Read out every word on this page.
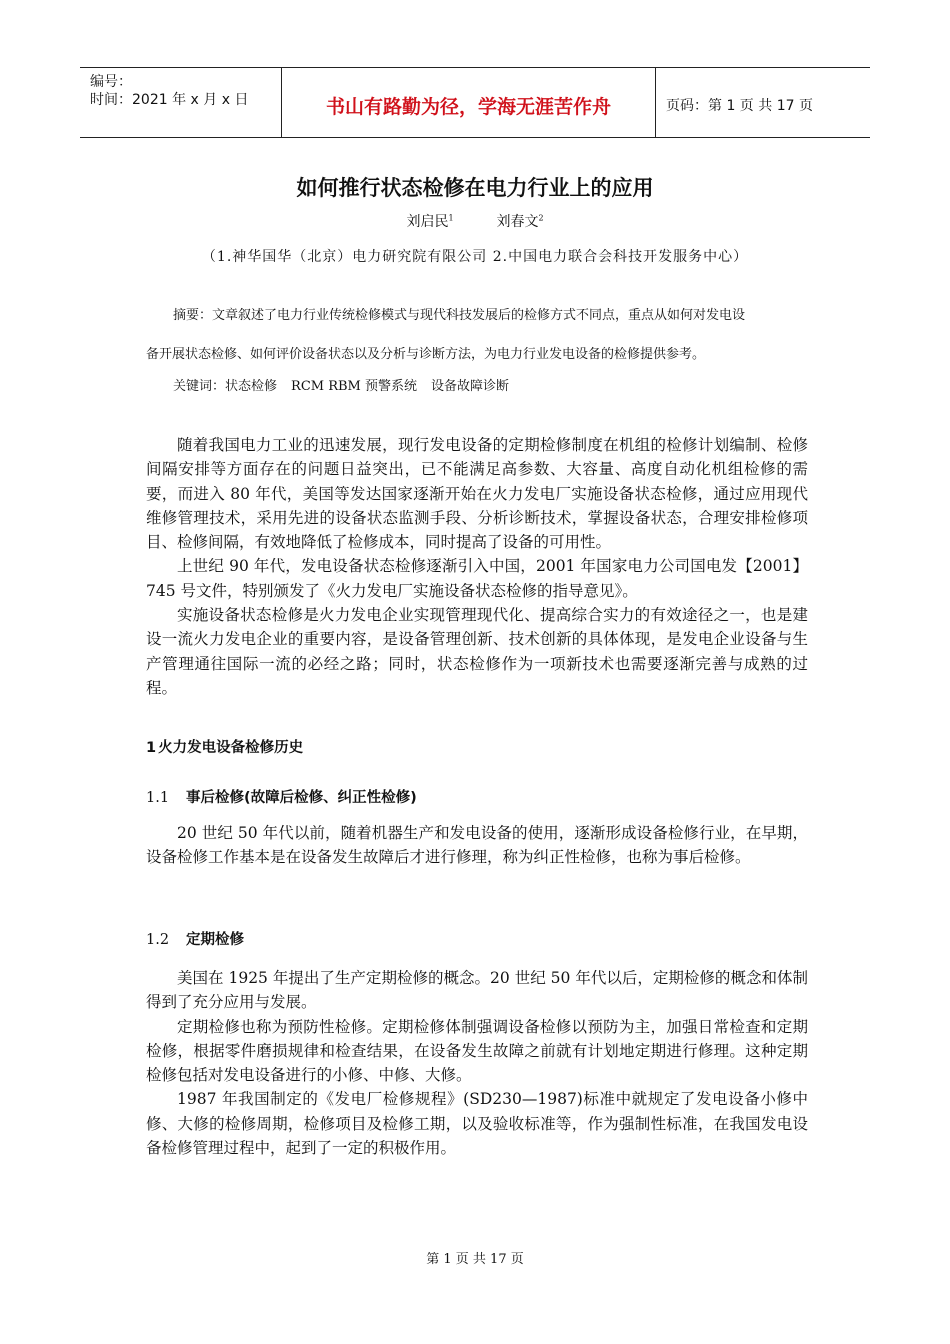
编号：
时间：2021 年 x 月 x 日	书山有路勤为径，学海无涯苦作舟	页码：第 1 页 共 17 页
如何推行状态检修在电力行业上的应用
刘启民$^1$	刘春文$^2$
（1.神华国华（北京）电力研究院有限公司 2.中国电力联合会科技开发服务中心）
摘要：文章叙述了电力行业传统检修模式与现代科技发展后的检修方式不同点，重点从如何对发电设
备开展状态检修、如何评价设备状态以及分析与诊断方法，为电力行业发电设备的检修提供参考。
关键词：状态检修 RCM RBM 预警系统 设备故障诊断

随着我国电力工业的迅速发展，现行发电设备的定期检修制度在机组的检修计划编制、检修间隔安排等方面存在的问题日益突出，已不能满足高参数、大容量、高度自动化机组检修的需要，而进入 80 年代，美国等发达国家逐渐开始在火力发电厂实施设备状态检修，通过应用现代维修管理技术，采用先进的设备状态监测手段、分析诊断技术，掌握设备状态，合理安排检修项目、检修间隔，有效地降低了检修成本，同时提高了设备的可用性。

上世纪 90 年代，发电设备状态检修逐渐引入中国，2001 年国家电力公司国电发【2001】745 号文件，特别颁发了《火力发电厂实施设备状态检修的指导意见》。

实施设备状态检修是火力发电企业实现管理现代化、提高综合实力的有效途径之一，也是建设一流火力发电企业的重要内容，是设备管理创新、技术创新的具体体现，是发电企业设备与生产管理通往国际一流的必经之路；同时，状态检修作为一项新技术也需要逐渐完善与成熟的过程。

1 火力发电设备检修历史
1.1 事后检修(故障后检修、纠正性检修)

20 世纪 50 年代以前，随着机器生产和发电设备的使用，逐渐形成设备检修行业，在早期，设备检修工作基本是在设备发生故障后才进行修理，称为纠正性检修，也称为事后检修。

1.2 定期检修

美国在 1925 年提出了生产定期检修的概念。20 世纪 50 年代以后，定期检修的概念和体制得到了充分应用与发展。

定期检修也称为预防性检修。定期检修体制强调设备检修以预防为主，加强日常检查和定期检修，根据零件磨损规律和检查结果，在设备发生故障之前就有计划地定期进行修理。这种定期检修包括对发电设备进行的小修、中修、大修。

1987 年我国制定的《发电厂检修规程》(SD230—1987)标准中就规定了发电设备小修中修、大修的检修周期，检修项目及检修工期，以及验收标准等，作为强制性标准，在我国发电设备检修管理过程中，起到了一定的积极作用。

第 1 页 共 17 页
